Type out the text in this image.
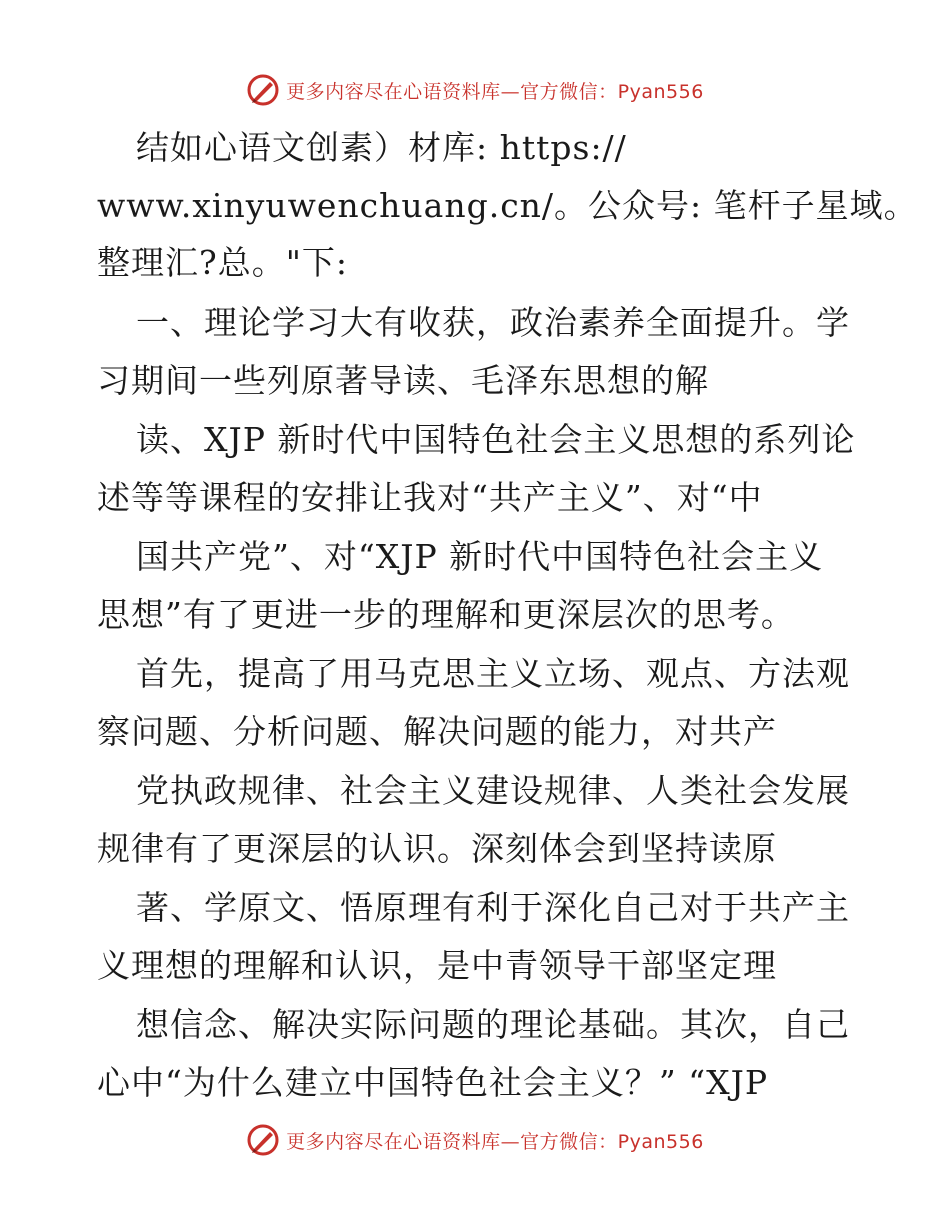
更多内容尽在心语资料库—官方微信：Pyan556
结如心语文创素）材库: https://
www.xinyuwenchuang.cn/。公众号: 笔杆子星域。
整理汇?总。"下:
一、理论学习大有收获，政治素养全面提升。学
习期间一些列原著导读、毛泽东思想的解
读、XJP 新时代中国特色社会主义思想的系列论
述等等课程的安排让我对“共产主义”、对“中
国共产党”、对“XJP 新时代中国特色社会主义
思想”有了更进一步的理解和更深层次的思考。
首先，提高了用马克思主义立场、观点、方法观
察问题、分析问题、解决问题的能力，对共产
党执政规律、社会主义建设规律、人类社会发展
规律有了更深层的认识。深刻体会到坚持读原
著、学原文、悟原理有利于深化自己对于共产主
义理想的理解和认识，是中青领导干部坚定理
想信念、解决实际问题的理论基础。其次，自己
心中“为什么建立中国特色社会主义？” “XJP
更多内容尽在心语资料库—官方微信：Pyan556
